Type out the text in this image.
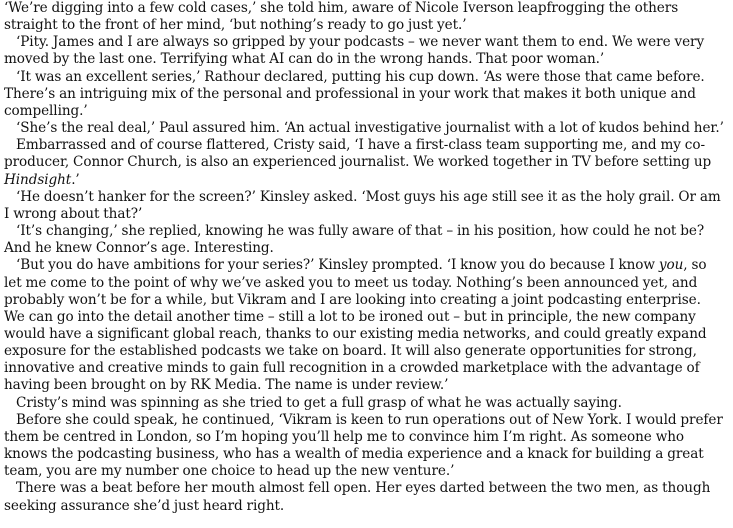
‘We’re digging into a few cold cases,’ she told him, aware of Nicole Iverson leapfrogging the others straight to the front of her mind, ‘but nothing’s ready to go just yet.’

‘Pity. James and I are always so gripped by your podcasts – we never want them to end. We were very moved by the last one. Terrifying what AI can do in the wrong hands. That poor woman.’

‘It was an excellent series,’ Rathour declared, putting his cup down. ‘As were those that came before. There’s an intriguing mix of the personal and professional in your work that makes it both unique and compelling.’

‘She’s the real deal,’ Paul assured him. ‘An actual investigative journalist with a lot of kudos behind her.’

Embarrassed and of course flattered, Cristy said, ‘I have a first-class team supporting me, and my co-producer, Connor Church, is also an experienced journalist. We worked together in TV before setting up Hindsight.’

‘He doesn’t hanker for the screen?’ Kinsley asked. ‘Most guys his age still see it as the holy grail. Or am I wrong about that?’

‘It’s changing,’ she replied, knowing he was fully aware of that – in his position, how could he not be? And he knew Connor’s age. Interesting.

‘But you do have ambitions for your series?’ Kinsley prompted. ‘I know you do because I know you, so let me come to the point of why we’ve asked you to meet us today. Nothing’s been announced yet, and probably won’t be for a while, but Vikram and I are looking into creating a joint podcasting enterprise. We can go into the detail another time – still a lot to be ironed out – but in principle, the new company would have a significant global reach, thanks to our existing media networks, and could greatly expand exposure for the established podcasts we take on board. It will also generate opportunities for strong, innovative and creative minds to gain full recognition in a crowded marketplace with the advantage of having been brought on by RK Media. The name is under review.’

Cristy’s mind was spinning as she tried to get a full grasp of what he was actually saying.

Before she could speak, he continued, ‘Vikram is keen to run operations out of New York. I would prefer them be centred in London, so I’m hoping you’ll help me to convince him I’m right. As someone who knows the podcasting business, who has a wealth of media experience and a knack for building a great team, you are my number one choice to head up the new venture.’

There was a beat before her mouth almost fell open. Her eyes darted between the two men, as though seeking assurance she’d just heard right.
